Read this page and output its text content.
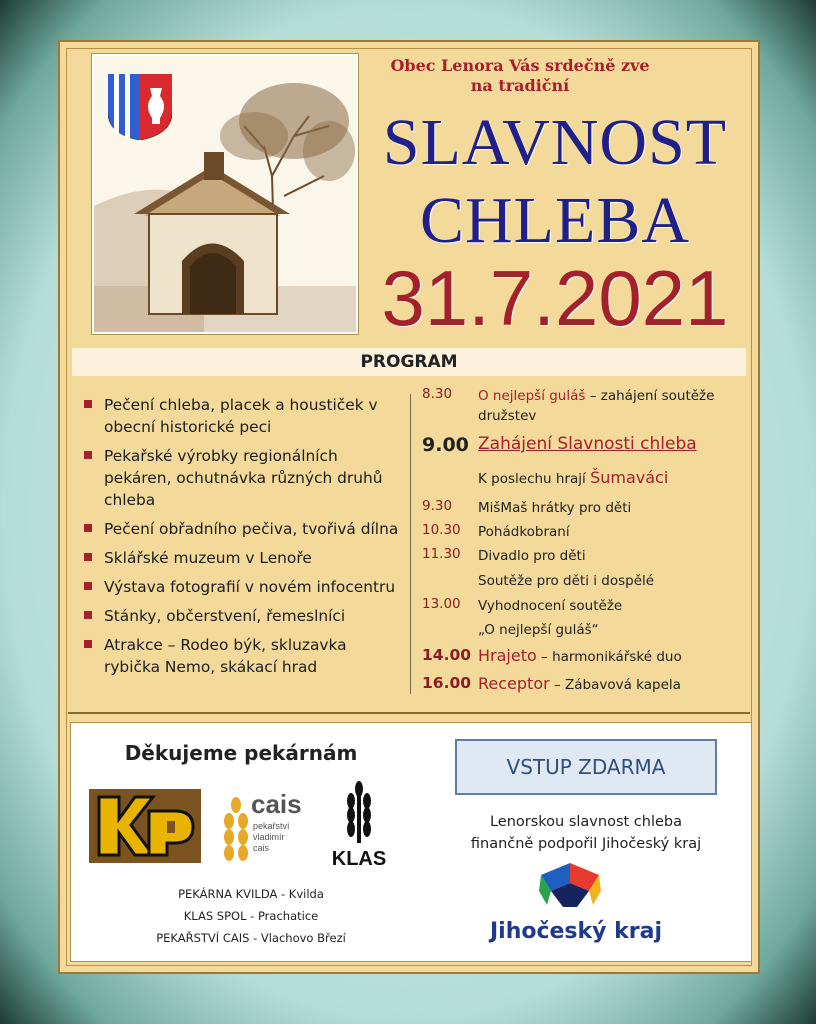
Obec Lenora Vás srdečně zve
na tradiční
SLAVNOST
CHLEBA
31.7.2021
PROGRAM
Pečení chleba, placek a houstiček v obecní historické peci
Pekařské výrobky regionálních pekáren, ochutnávka různých druhů chleba
Pečení obřadního pečiva, tvořivá dílna
Sklářské muzeum v Lenoře
Výstava fotografií v novém infocentru
Stánky, občerstvení, řemeslníci
Atrakce – Rodeo býk, skluzavka rybička Nemo, skákací hrad
8.30 O nejlepší guláš – zahájení soutěže družstev
9.00 Zahájení Slavnosti chleba
K poslechu hrají Šumaváci
9.30 MišMaš hrátky pro děti
10.30 Pohádkobraní
11.30 Divadlo pro děti
Soutěže pro děti i dospělé
13.00 Vyhodnocení soutěže
„O nejlepší guláš“
14.00 Hrajeto – harmonikářské duo
16.00 Receptor – Zábavová kapela
Děkujeme pekárnám
cais
pekařství
vladimír
cais	KLAS
PEKÁRNA KVILDA - Kvilda
KLAS SPOL - Prachatice
PEKAŘSTVÍ CAIS - Vlachovo Březí
VSTUP ZDARMA
Lenorskou slavnost chleba
finančně podpořil Jihočeský kraj
Jihočeský kraj
